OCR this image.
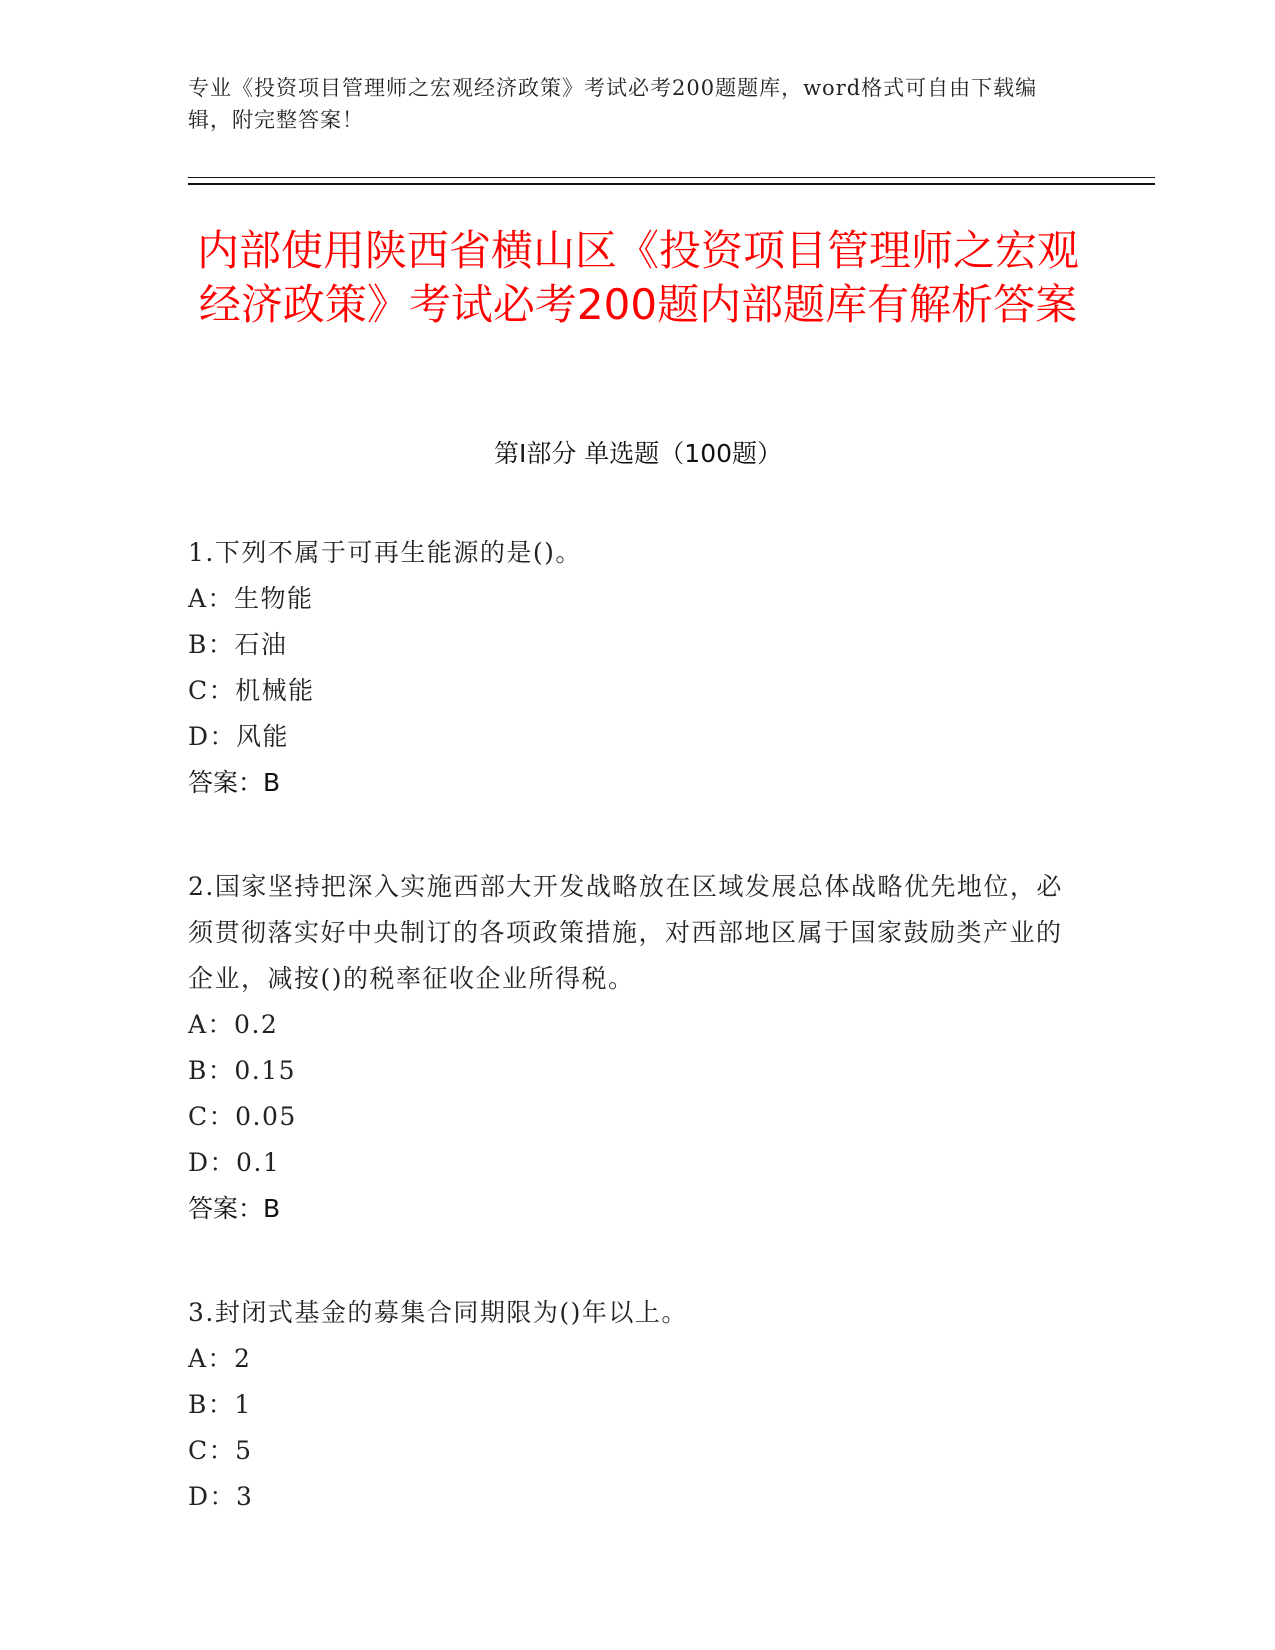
专业《投资项目管理师之宏观经济政策》考试必考200题题库，word格式可自由下载编辑，附完整答案！
内部使用陕西省横山区《投资项目管理师之宏观经济政策》考试必考200题内部题库有解析答案
第I部分 单选题（100题）
1.下列不属于可再生能源的是()。
A：生物能
B：石油
C：机械能
D：风能
答案：B
2.国家坚持把深入实施西部大开发战略放在区域发展总体战略优先地位，必须贯彻落实好中央制订的各项政策措施，对西部地区属于国家鼓励类产业的企业，减按()的税率征收企业所得税。
A：0.2
B：0.15
C：0.05
D：0.1
答案：B
3.封闭式基金的募集合同期限为()年以上。
A：2
B：1
C：5
D：3
